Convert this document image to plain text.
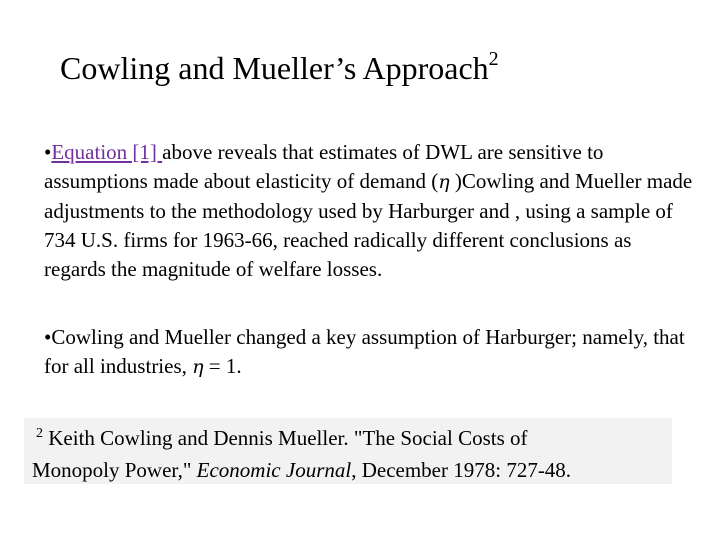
Cowling and Mueller’s Approach$^2$
•Equation [1] above reveals that estimates of DWL are sensitive to assumptions made about elasticity of demand (η )Cowling and Mueller made adjustments to the methodology used by Harburger and , using a sample of 734 U.S. firms for 1963-66, reached radically different conclusions as regards the magnitude of welfare losses.
•Cowling and Mueller changed a key assumption of Harburger; namely, that for all industries, η = 1.
$^2$ Keith Cowling and Dennis Mueller. "The Social Costs of
Monopoly Power," Economic Journal, December 1978: 727-48.
